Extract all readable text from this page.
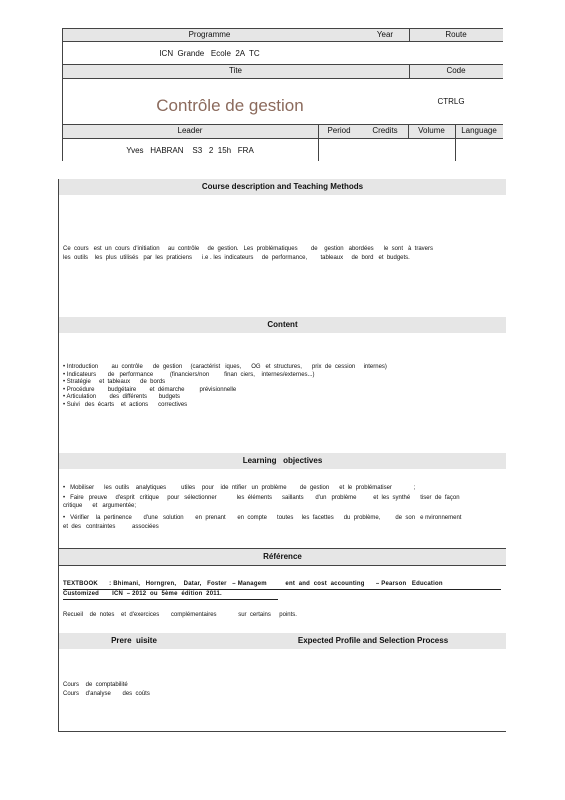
Programme	Year	Route
ICN  Grande   Ecole  2A  TC
Tite	Code
Contrôle de gestion	CTRLG
Leader	Period	Credits	Volume	Language
Yves   HABRAN    S3   2  15h   FRA
Course description and Teaching Methods
Ce  cours   est  un  cours  d'initiation     au  contrôle     de  gestion.   Les  problématiques        de    gestion   abordées      le  sont   à  travers
les  outils    les  plus  utilisés   par  les  praticiens      i.e . les  indicateurs     de  performance,        tableaux     de  bord   et  budgets.
Content
• Introduction        au  contrôle      de  gestion     (caractérist   iques,      OG   et  structures,      prix  de  cession     internes)
• Indicateurs       de   performance          (financiers/non         finan  ciers,    internes/externes...)
• Stratégie     et  tableaux      de  bords
• Procédure        budgétaire        et  démarche         prévisionnelle
• Articulation        des  différents       budgets
• Suivi   des  écarts    et  actions      correctives
Learning   objectives
•   Mobiliser      les  outils    analytiques         utiles    pour    ide  ntifier   un  problème        de  gestion      et  le  problématiser             ;
•   Faire   preuve     d'esprit   critique     pour   sélectionner            les  éléments      saillants       d'un   problème          et  les  synthé      tiser  de  façon
critique      et   argumentée;
•   Vérifier    la  pertinence       d'une   solution       en  prenant       en  compte      toutes     les  facettes      du  problème,         de  son   e nvironnement
et  des   contraintes          associées
Référence
TEXTBOOK      : Bhimani,   Horngren,    Datar,   Foster   – Managem          ent  and  cost  accounting      – Pearson   Education
Customized       ICN  – 2012  ou  5ème  édition  2011.
Recueil    de  notes    et  d'exercices       complémentaires             sur  certains     points.
Prere  uisite	Expected Profile and Selection Process
Cours    de  comptabilité
Cours    d'analyse       des  coûts
